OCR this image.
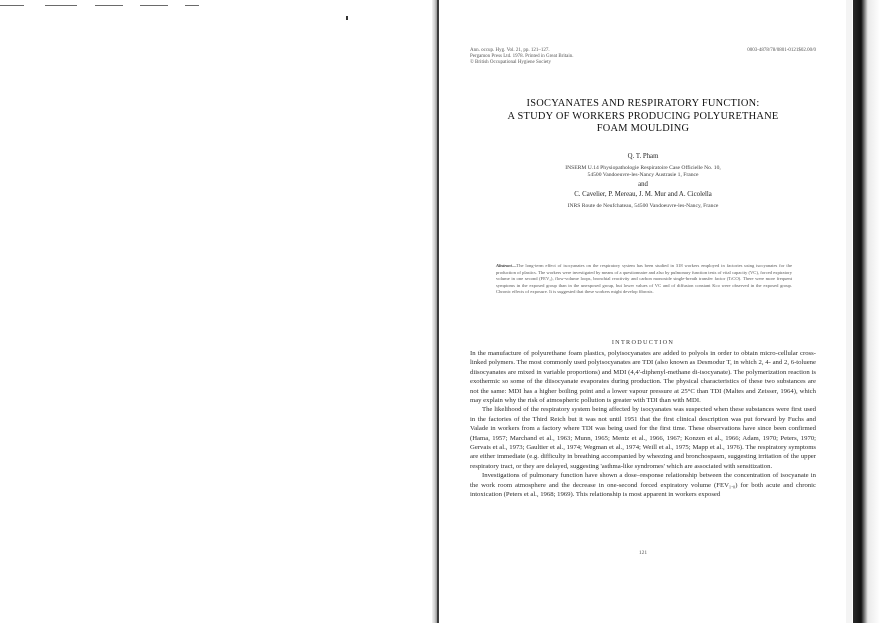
Ann. occup. Hyg. Vol. 21, pp. 121–127.
Pergamon Press Ltd. 1978. Printed in Great Britain.
© British Occupational Hygiene Society
0003-4878/78/0801-0121$02.00/0
ISOCYANATES AND RESPIRATORY FUNCTION:
A STUDY OF WORKERS PRODUCING POLYURETHANE
FOAM MOULDING
Q. T. Pham
INSERM U.14 Physiopathologie Respiratoire Case Officielle No. 10,
54500 Vandoeuvre-les-Nancy Austrasie 1, France
and
C. Cavelier, P. Mereau, J. M. Mur and A. Cicolella
INRS Route de Neufchateau, 54500 Vandoeuvre-les-Nancy, France
Abstract—The long-term effect of isocyanates on the respiratory system has been studied in 318 workers employed in factories using isocyanates for the production of plastics. The workers were investigated by means of a questionnaire and also by pulmonary function tests of vital capacity (VC), forced expiratory volume in one second (FEV₁), flow-volume loops, bronchial reactivity and carbon monoxide single-breath transfer factor (TₗCO). There were more frequent symptoms in the exposed group than in the unexposed group, but lower values of VC and of diffusion constant Kco were observed in the exposed group. Chronic effects of exposure. It is suggested that these workers might develop fibrosis.
INTRODUCTION

In the manufacture of polyurethane foam plastics, polyisocyanates are added to polyols in order to obtain micro-cellular cross-linked polymers. The most commonly used polyisocyanates are TDI (also known as Desmodur T, in which 2, 4- and 2, 6-toluene diisocyanates are mixed in variable proportions) and MDI (4,4'-diphenyl-methane di-isocyanate). The polymerization reaction is exothermic so some of the diisocyanate evaporates during production. The physical characteristics of these two substances are not the same: MDI has a higher boiling point and a lower vapour pressure at 25°C than TDI (Maltes and Zeisser, 1964), which may explain why the risk of atmospheric pollution is greater with TDI than with MDI.

The likelihood of the respiratory system being affected by isocyanates was suspected when these substances were first used in the factories of the Third Reich but it was not until 1951 that the first clinical description was put forward by Fuchs and Valade in workers from a factory where TDI was being used for the first time. These observations have since been confirmed (Hama, 1957; Marchand et al., 1963; Munn, 1965; Mentz et al., 1966, 1967; Konzen et al., 1966; Adam, 1970; Peters, 1970; Gervais et al., 1973; Gaultier et al., 1974; Wegman et al., 1974; Weill et al., 1975; Mapp et al., 1976). The respiratory symptoms are either immediate (e.g. difficulty in breathing accompanied by wheezing and bronchospasm, suggesting irritation of the upper respiratory tract, or they are delayed, suggesting 'asthma-like syndromes' which are associated with sensitization.

Investigations of pulmonary function have shown a dose–response relationship between the concentration of isocyanate in the work room atmosphere and the decrease in one-second forced expiratory volume (FEV₁.₀) for both acute and chronic intoxication (Peters et al., 1968; 1969). This relationship is most apparent in workers exposed

121
